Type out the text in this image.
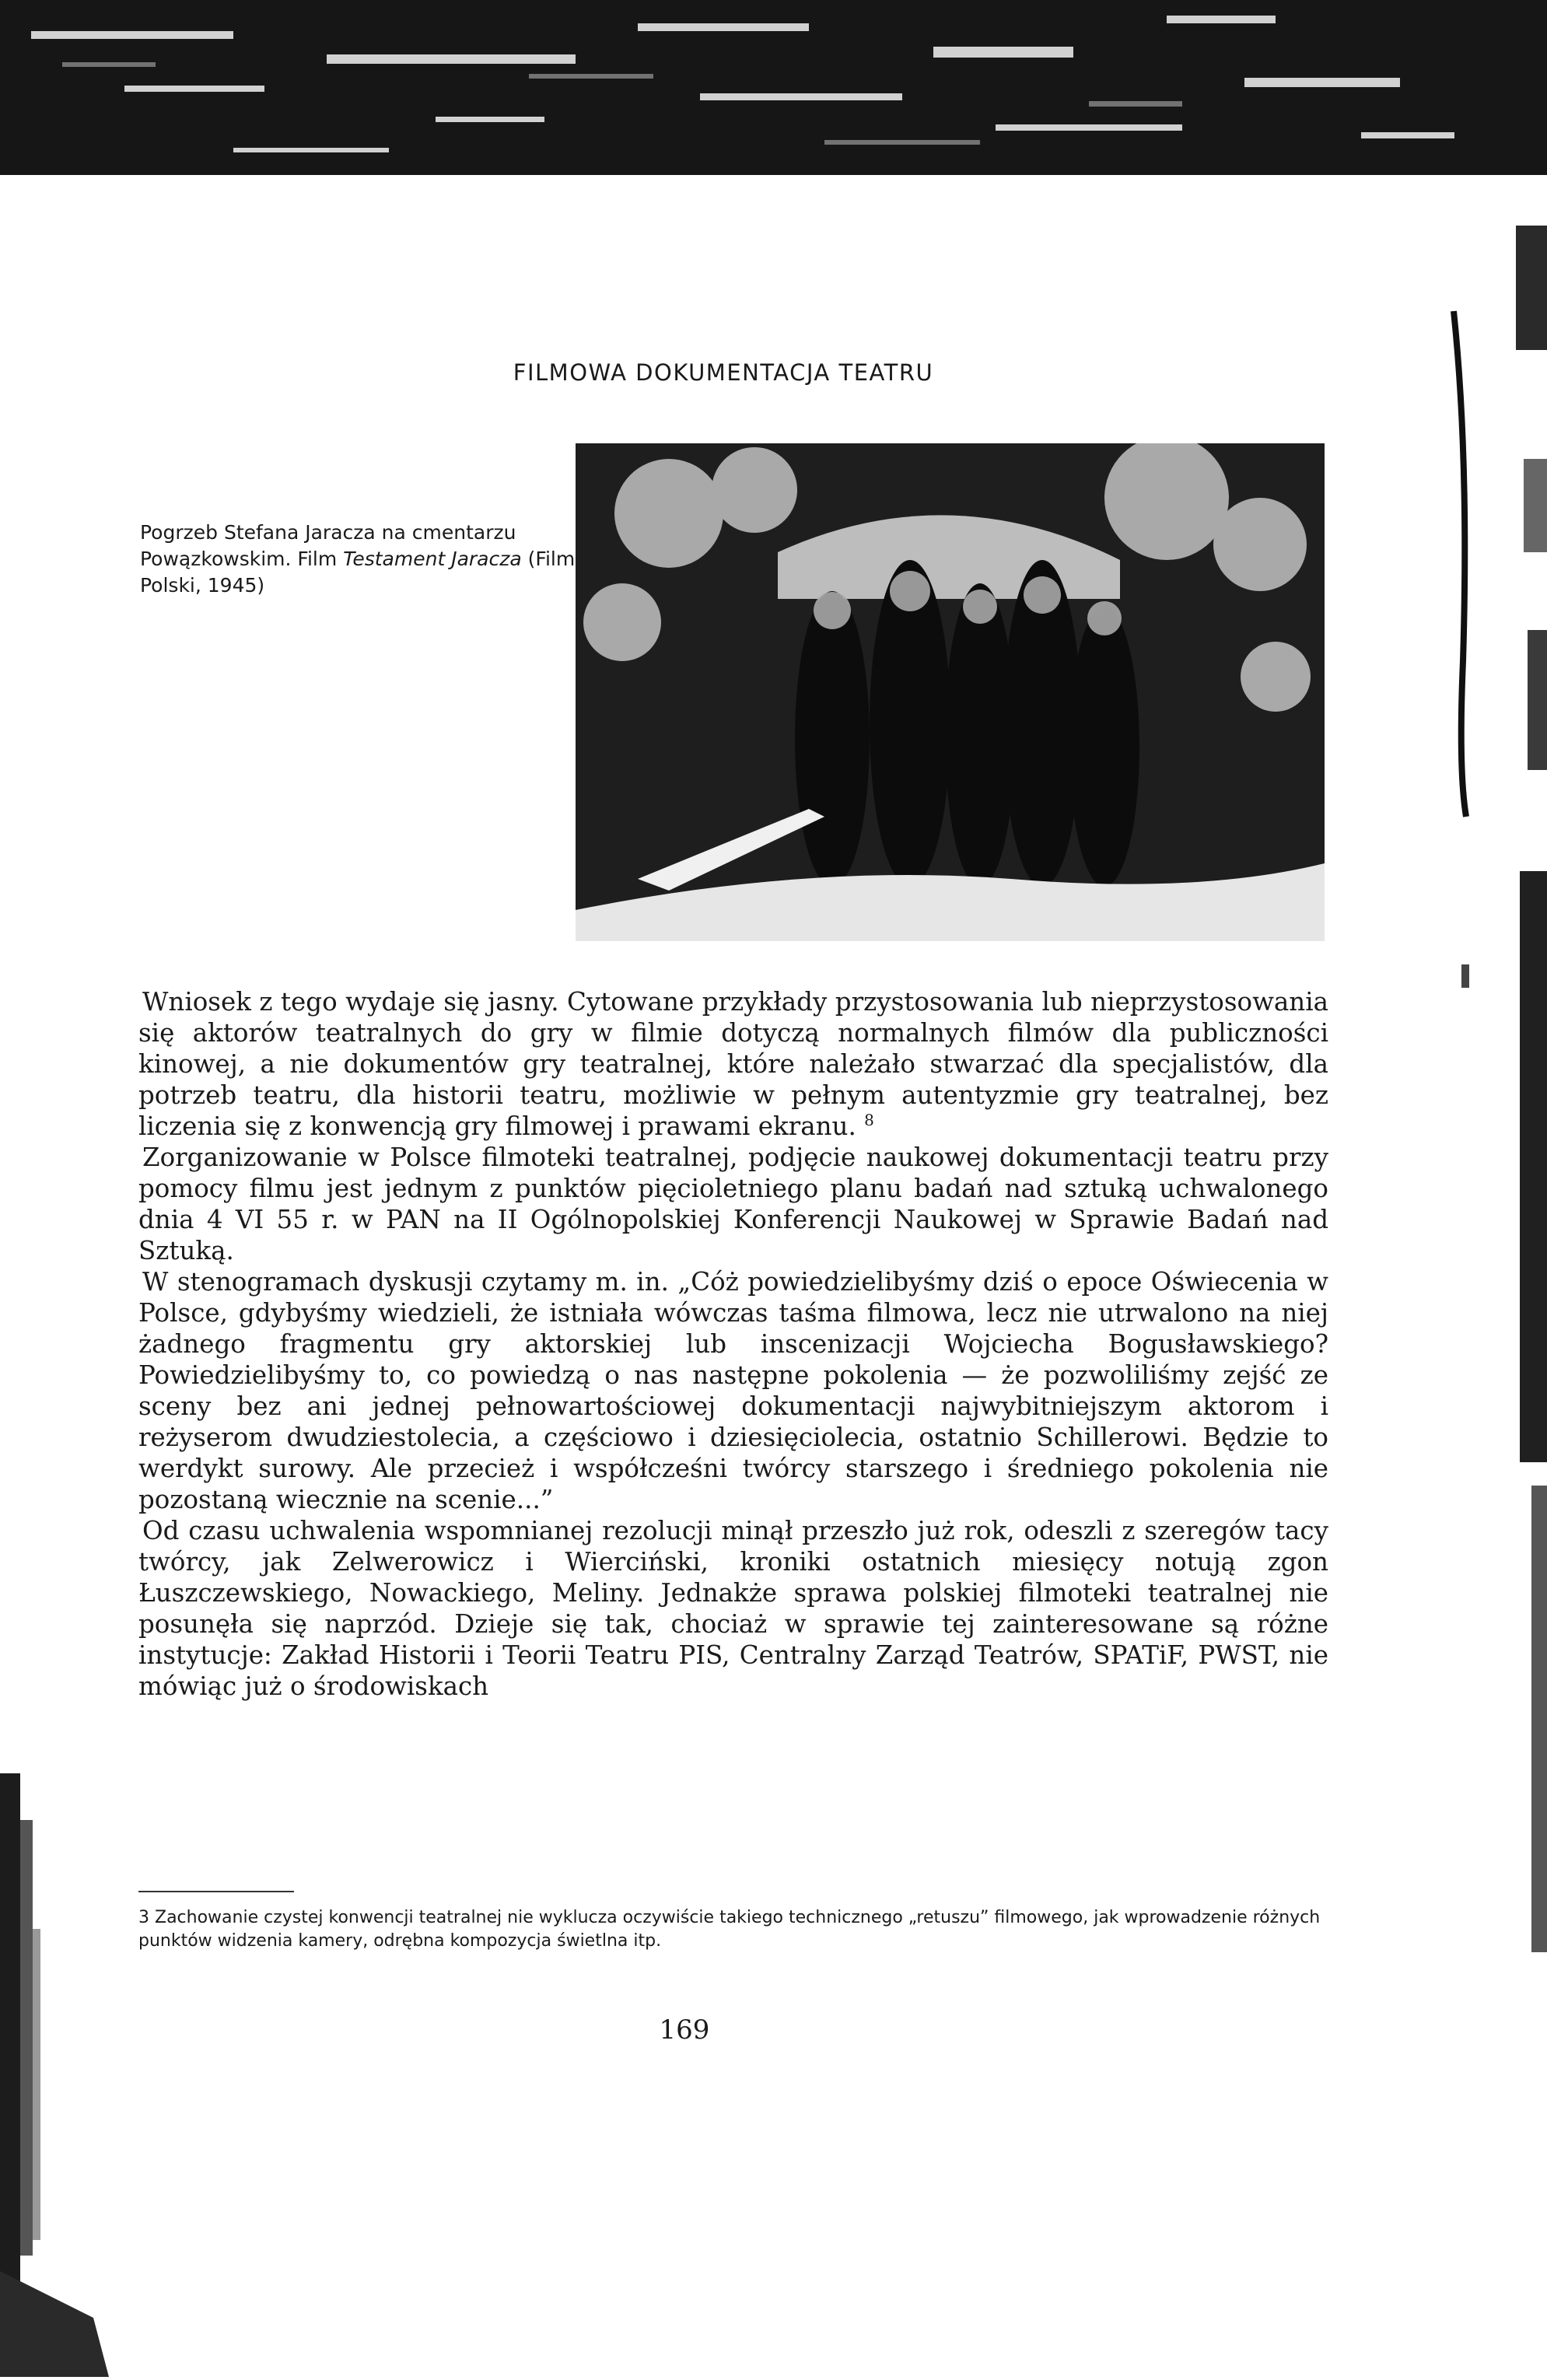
FILMOWA DOKUMENTACJA TEATRU

Pogrzeb Stefana Jaracza na cmentarzu Powązkowskim. Film Testament Jaracza (Film Polski, 1945)

Wniosek z tego wydaje się jasny. Cytowane przykłady przystosowania lub nieprzystosowania się aktorów teatralnych do gry w filmie dotyczą normalnych filmów dla publiczności kinowej, a nie dokumentów gry teatralnej, które należało stwarzać dla specjalistów, dla potrzeb teatru, dla historii teatru, możliwie w pełnym autentyzmie gry teatralnej, bez liczenia się z konwencją gry filmowej i prawami ekranu. $^8$

Zorganizowanie w Polsce filmoteki teatralnej, podjęcie naukowej dokumentacji teatru przy pomocy filmu jest jednym z punktów pięcioletniego planu badań nad sztuką uchwalonego dnia 4 VI 55 r. w PAN na II Ogólnopolskiej Konferencji Naukowej w Sprawie Badań nad Sztuką.

W stenogramach dyskusji czytamy m. in. „Cóż powiedzielibyśmy dziś o epoce Oświecenia w Polsce, gdybyśmy wiedzieli, że istniała wówczas taśma filmowa, lecz nie utrwalono na niej żadnego fragmentu gry aktorskiej lub inscenizacji Wojciecha Bogusławskiego? Powiedzielibyśmy to, co powiedzą o nas następne pokolenia — że pozwoliliśmy zejść ze sceny bez ani jednej pełnowartościowej dokumentacji najwybitniejszym aktorom i reżyserom dwudziestolecia, a częściowo i dziesięciolecia, ostatnio Schillerowi. Będzie to werdykt surowy. Ale przecież i współcześni twórcy starszego i średniego pokolenia nie pozostaną wiecznie na scenie...”

Od czasu uchwalenia wspomnianej rezolucji minął przeszło już rok, odeszli z szeregów tacy twórcy, jak Zelwerowicz i Wierciński, kroniki ostatnich miesięcy notują zgon Łuszczewskiego, Nowackiego, Meliny. Jednakże sprawa polskiej filmoteki teatralnej nie posunęła się naprzód. Dzieje się tak, chociaż w sprawie tej zainteresowane są różne instytucje: Zakład Historii i Teorii Teatru PIS, Centralny Zarząd Teatrów, SPATiF, PWST, nie mówiąc już o środowiskach

3 Zachowanie czystej konwencji teatralnej nie wyklucza oczywiście takiego technicznego „retuszu” filmowego, jak wprowadzenie różnych punktów widzenia kamery, odrębna kompozycja świetlna itp.

169
